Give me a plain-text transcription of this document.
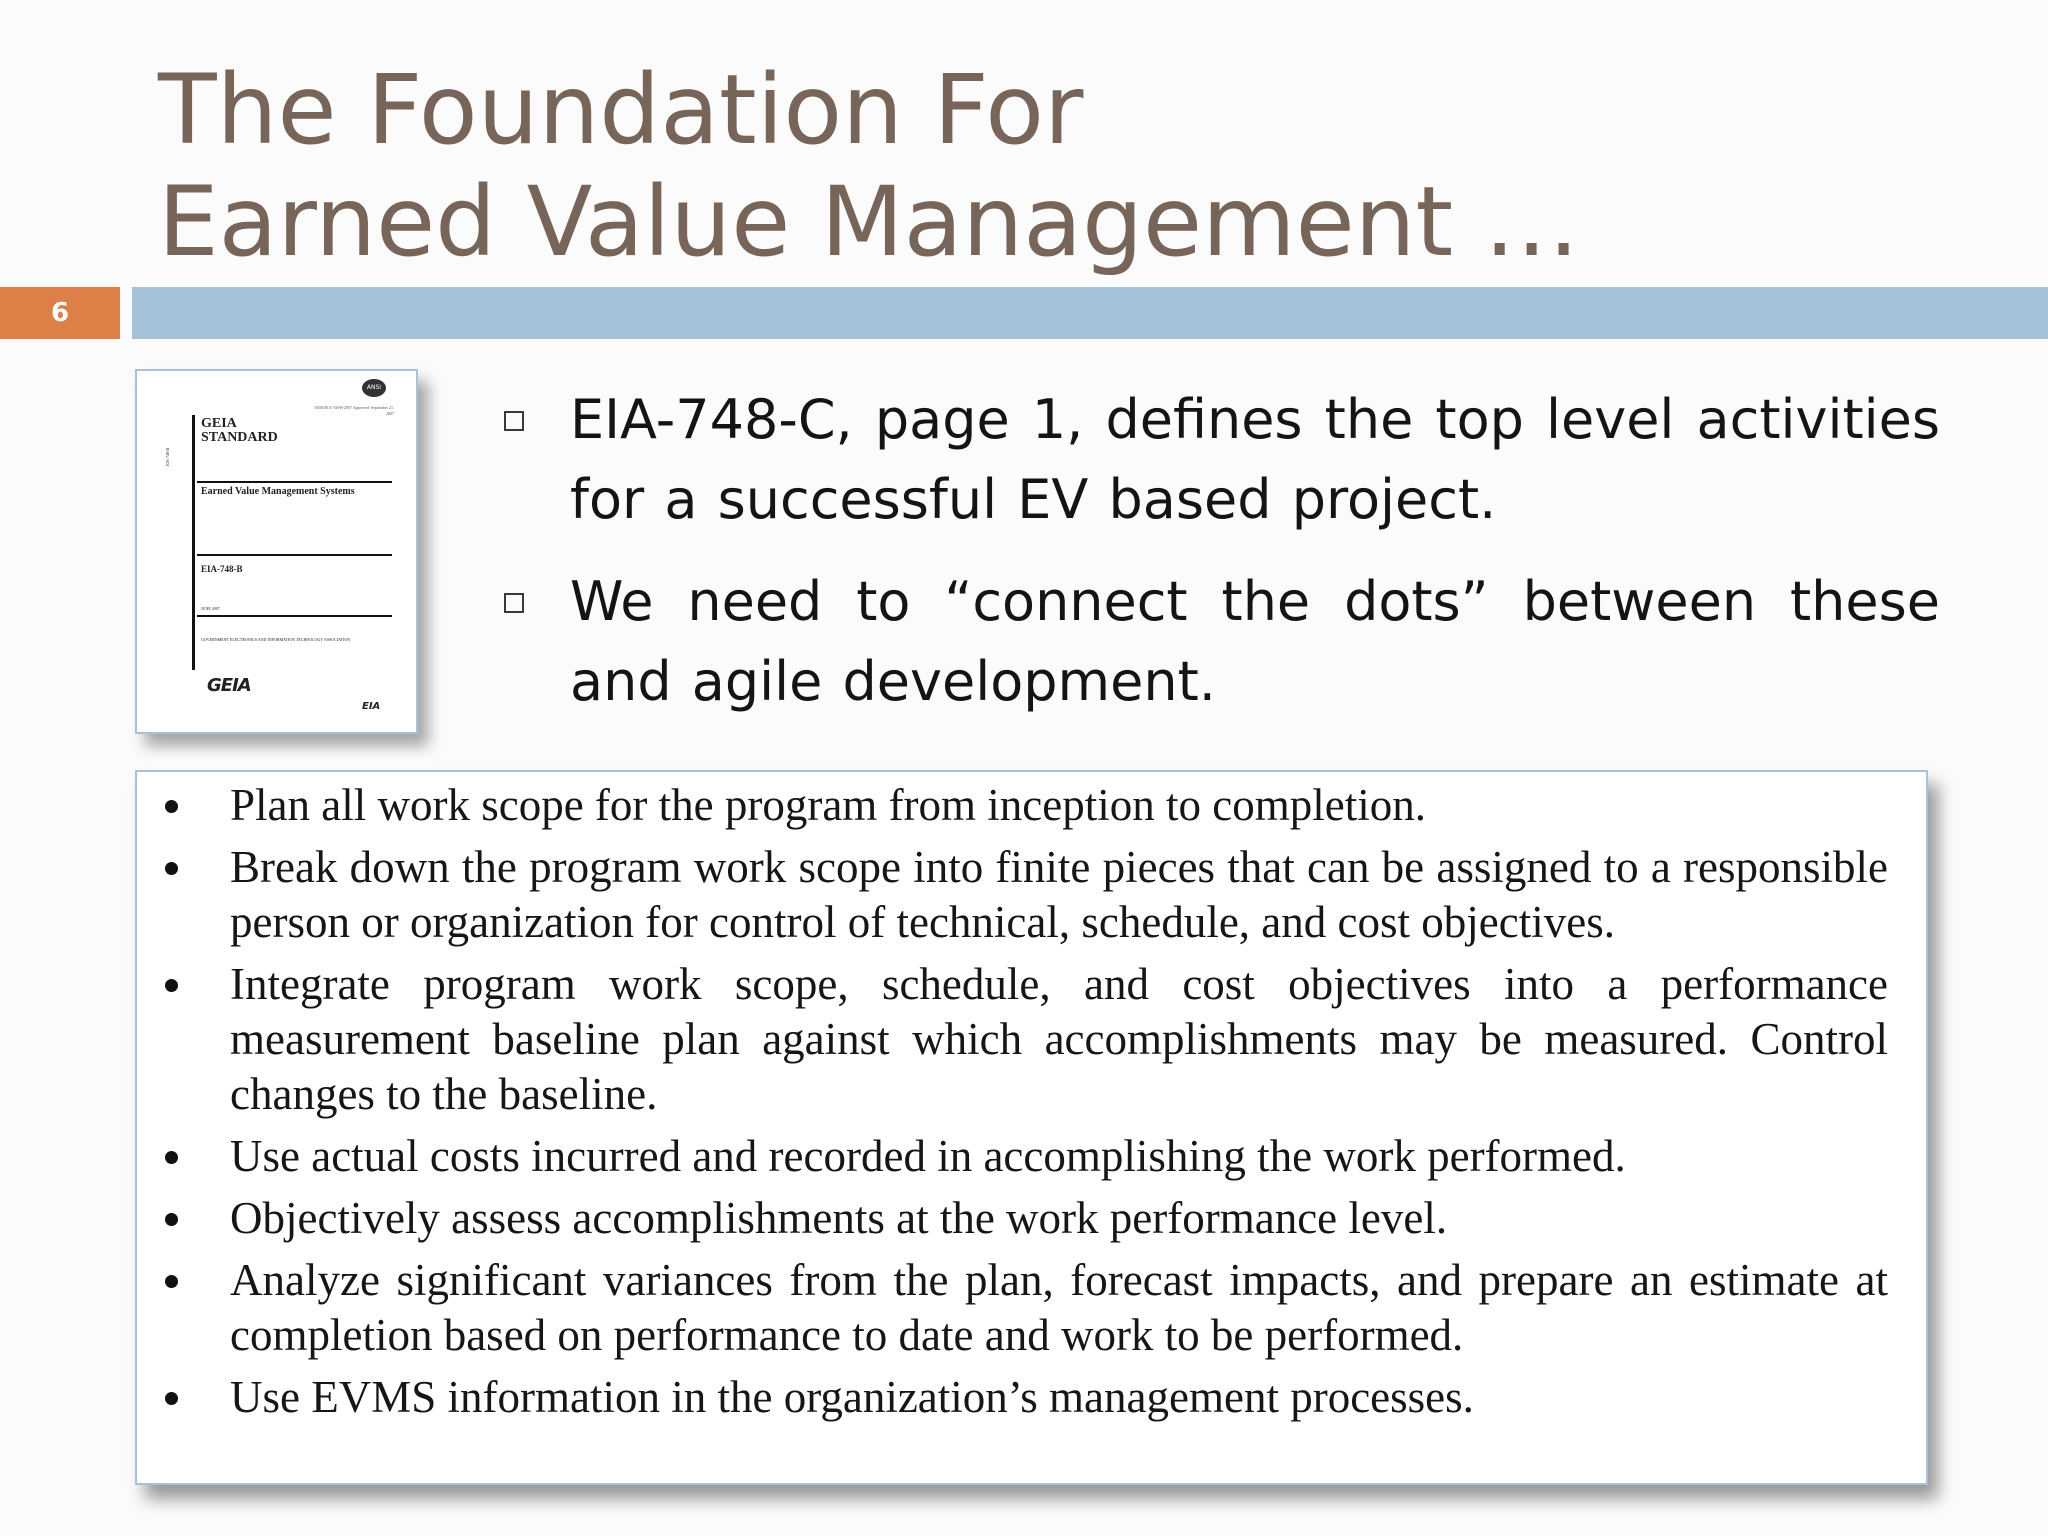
The Foundation For
Earned Value Management …
6
ANSI
ANSI/EIA-748-B-2007 Approved: September 21, 2007
EIA-748-B
GEIA STANDARD
Earned Value Management Systems
EIA-748-B
JUNE 2007
GOVERNMENT ELECTRONICS AND INFORMATION TECHNOLOGY ASSOCIATION
GEIA
EIA
EIA-748-C, page 1, defines the top level activities for a successful EV based project.
We need to “connect the dots” between these and agile development.
Plan all work scope for the program from inception to completion.
Break down the program work scope into finite pieces that can be assigned to a responsible person or organization for control of technical, schedule, and cost objectives.
Integrate program work scope, schedule, and cost objectives into a performance measurement baseline plan against which accomplishments may be measured. Control changes to the baseline.
Use actual costs incurred and recorded in accomplishing the work performed.
Objectively assess accomplishments at the work performance level.
Analyze significant variances from the plan, forecast impacts, and prepare an estimate at completion based on performance to date and work to be performed.
Use EVMS information in the organization’s management processes.
